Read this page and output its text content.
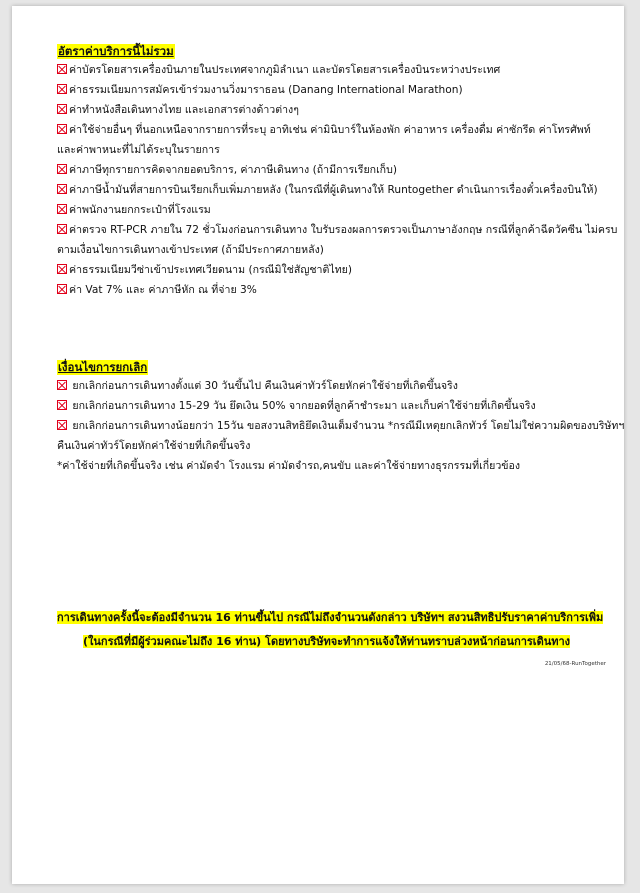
อัตราค่าบริการนี้ไม่รวม
ค่าบัตรโดยสารเครื่องบินภายในประเทศจากภูมิลำเนา และบัตรโดยสารเครื่องบินระหว่างประเทศ
ค่าธรรมเนียมการสมัครเข้าร่วมงานวิ่งมาราธอน (Danang International Marathon)
ค่าทำหนังสือเดินทางไทย และเอกสารต่างด้าวต่างๆ
ค่าใช้จ่ายอื่นๆ ที่นอกเหนือจากรายการที่ระบุ อาทิเช่น ค่ามินิบาร์ในห้องพัก ค่าอาหาร เครื่องดื่ม ค่าซักรีด ค่าโทรศัพท์
และค่าพาหนะที่ไม่ได้ระบุในรายการ
ค่าภาษีทุกรายการคิดจากยอดบริการ, ค่าภาษีเดินทาง (ถ้ามีการเรียกเก็บ)
ค่าภาษีน้ำมันที่สายการบินเรียกเก็บเพิ่มภายหลัง (ในกรณีที่ผู้เดินทางให้ Runtogether ดำเนินการเรื่องตั๋วเครื่องบินให้)
ค่าพนักงานยกกระเป๋าที่โรงแรม
ค่าตรวจ RT-PCR ภายใน 72 ชั่วโมงก่อนการเดินทาง ใบรับรองผลการตรวจเป็นภาษาอังกฤษ กรณีที่ลูกค้าฉีดวัคซีน ไม่ครบ
ตามเงื่อนไขการเดินทางเข้าประเทศ (ถ้ามีประกาศภายหลัง)
ค่าธรรมเนียมวีซ่าเข้าประเทศเวียดนาม (กรณีมิใช่สัญชาติไทย)
ค่า Vat 7% และ ค่าภาษีหัก ณ ที่จ่าย 3%
เงื่อนไขการยกเลิก
ยกเลิกก่อนการเดินทางตั้งแต่ 30 วันขึ้นไป คืนเงินค่าทัวร์โดยหักค่าใช้จ่ายที่เกิดขึ้นจริง
ยกเลิกก่อนการเดินทาง 15-29 วัน ยึดเงิน 50% จากยอดที่ลูกค้าชำระมา และเก็บค่าใช้จ่ายที่เกิดขึ้นจริง
ยกเลิกก่อนการเดินทางน้อยกว่า 15วัน ขอสงวนสิทธิยึดเงินเต็มจำนวน *กรณีมีเหตุยกเลิกทัวร์ โดยไม่ใช่ความผิดของบริษัทฯ
คืนเงินค่าทัวร์โดยหักค่าใช้จ่ายที่เกิดขึ้นจริง
*ค่าใช้จ่ายที่เกิดขึ้นจริง เช่น ค่ามัดจำ โรงแรม ค่ามัดจำรถ,คนขับ และค่าใช้จ่ายทางธุรกรรมที่เกี่ยวข้อง
การเดินทางครั้งนี้จะต้องมีจำนวน 16 ท่านขึ้นไป กรณีไม่ถึงจำนวนดังกล่าว บริษัทฯ สงวนสิทธิปรับราคาค่าบริการเพิ่ม
(ในกรณีที่มีผู้ร่วมคณะไม่ถึง 16 ท่าน) โดยทางบริษัทจะทำการแจ้งให้ท่านทราบล่วงหน้าก่อนการเดินทาง
21/05/68-RunTogether
